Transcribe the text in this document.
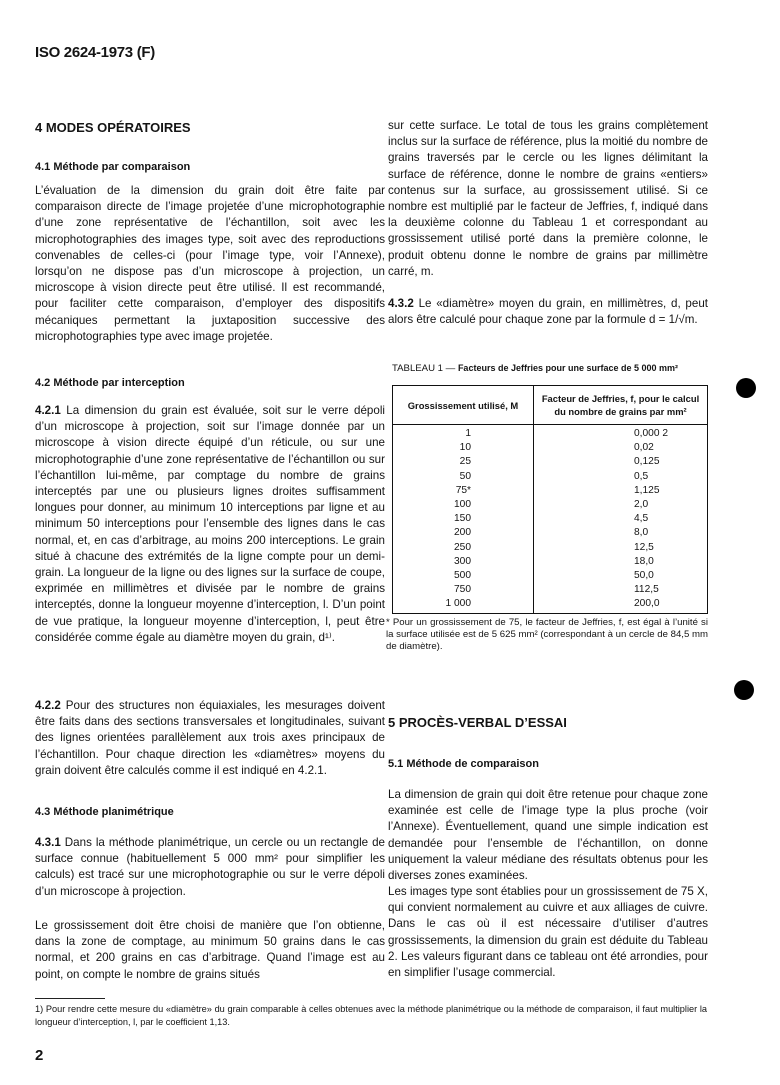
ISO 2624-1973 (F)
4 MODES OPÉRATOIRES
4.1 Méthode par comparaison
L’évaluation de la dimension du grain doit être faite par comparaison directe de l’image projetée d’une microphotographie d’une zone représentative de l’échantillon, soit avec les microphotographies des images type, soit avec des reproductions convenables de celles-ci (pour l’image type, voir l’Annexe), lorsqu’on ne dispose pas d’un microscope à projection, un microscope à vision directe peut être utilisé. Il est recommandé, pour faciliter cette comparaison, d’employer des dispositifs mécaniques permettant la juxtaposition successive des microphotographies type avec image projetée.
4.2 Méthode par interception
4.2.1 La dimension du grain est évaluée, soit sur le verre dépoli d’un microscope à projection, soit sur l’image donnée par un microscope à vision directe équipé d’un réticule, ou sur une microphotographie d’une zone représentative de l’échantillon ou sur l’échantillon lui-même, par comptage du nombre de grains interceptés par une ou plusieurs lignes droites suffisamment longues pour donner, au minimum 10 interceptions par ligne et au minimum 50 interceptions pour l’ensemble des lignes dans le cas normal, et, en cas d’arbitrage, au moins 200 interceptions. Le grain situé à chacune des extrémités de la ligne compte pour un demi-grain. La longueur de la ligne ou des lignes sur la surface de coupe, exprimée en millimètres et divisée par le nombre de grains interceptés, donne la longueur moyenne d’interception, l. D’un point de vue pratique, la longueur moyenne d’interception, l, peut être considérée comme égale au diamètre moyen du grain, d¹⁾.
4.2.2 Pour des structures non équiaxiales, les mesurages doivent être faits dans des sections transversales et longitudinales, suivant des lignes orientées parallèlement aux trois axes principaux de l’échantillon. Pour chaque direction les «diamètres» moyens du grain doivent être calculés comme il est indiqué en 4.2.1.
4.3 Méthode planimétrique
4.3.1 Dans la méthode planimétrique, un cercle ou un rectangle de surface connue (habituellement 5 000 mm² pour simplifier les calculs) est tracé sur une microphotographie ou sur le verre dépoli d’un microscope à projection.
Le grossissement doit être choisi de manière que l’on obtienne, dans la zone de comptage, au minimum 50 grains dans le cas normal, et 200 grains en cas d’arbitrage. Quand l’image est au point, on compte le nombre de grains situés
sur cette surface. Le total de tous les grains complètement inclus sur la surface de référence, plus la moitié du nombre de grains traversés par le cercle ou les lignes délimitant la surface de référence, donne le nombre de grains «entiers» contenus sur la surface, au grossissement utilisé. Si ce nombre est multiplié par le facteur de Jeffries, f, indiqué dans la deuxième colonne du Tableau 1 et correspondant au grossissement utilisé porté dans la première colonne, le produit obtenu donne le nombre de grains par millimètre carré, m.
4.3.2 Le «diamètre» moyen du grain, en millimètres, d, peut alors être calculé pour chaque zone par la formule d = 1/√m.
TABLEAU 1 — Facteurs de Jeffries pour une surface de 5 000 mm²
Grossissement utilisé, M	Facteur de Jeffries, f, pour le calcul du nombre de grains par mm²
1	0,000 2
10	0,02
25	0,125
50	0,5
75*	1,125
100	2,0
150	4,5
200	8,0
250	12,5
300	18,0
500	50,0
750	112,5
1 000	200,0
* Pour un grossissement de 75, le facteur de Jeffries, f, est égal à l’unité si la surface utilisée est de 5 625 mm² (correspondant à un cercle de 84,5 mm de diamètre).
5 PROCÈS-VERBAL D’ESSAI
5.1 Méthode de comparaison
La dimension de grain qui doit être retenue pour chaque zone examinée est celle de l’image type la plus proche (voir l’Annexe). Éventuellement, quand une simple indication est demandée pour l’ensemble de l’échantillon, on donne uniquement la valeur médiane des résultats obtenus pour les diverses zones examinées.
Les images type sont établies pour un grossissement de 75 X, qui convient normalement au cuivre et aux alliages de cuivre. Dans le cas où il est nécessaire d’utiliser d’autres grossissements, la dimension du grain est déduite du Tableau 2. Les valeurs figurant dans ce tableau ont été arrondies, pour en simplifier l’usage commercial.
1) Pour rendre cette mesure du «diamètre» du grain comparable à celles obtenues avec la méthode planimétrique ou la méthode de comparaison, il faut multiplier la longueur d’interception, l, par le coefficient 1,13.
2
